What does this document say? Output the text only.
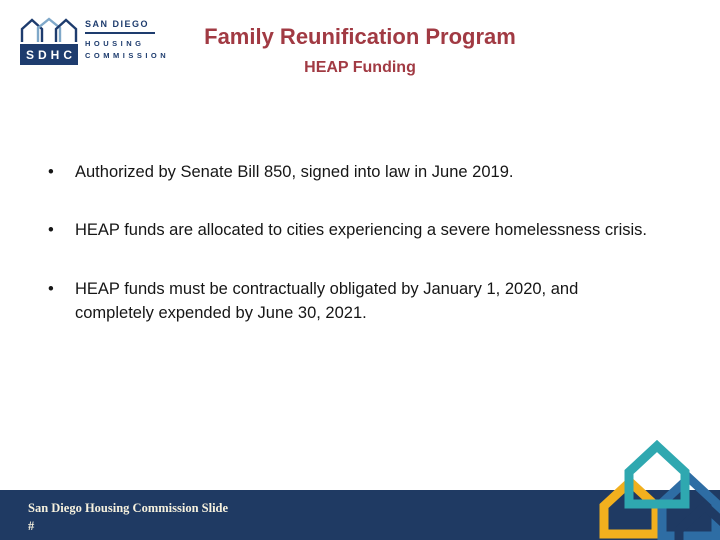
SDHC
SAN DIEGO
HOUSING
COMMISSION
Family Reunification Program
HEAP Funding
•	Authorized by Senate Bill 850, signed into law in June 2019.
•	HEAP funds are allocated to cities experiencing a severe homelessness crisis.
•	HEAP funds must be contractually obligated by January 1, 2020, and completely expended by June 30, 2021.
San Diego Housing Commission Slide
#
